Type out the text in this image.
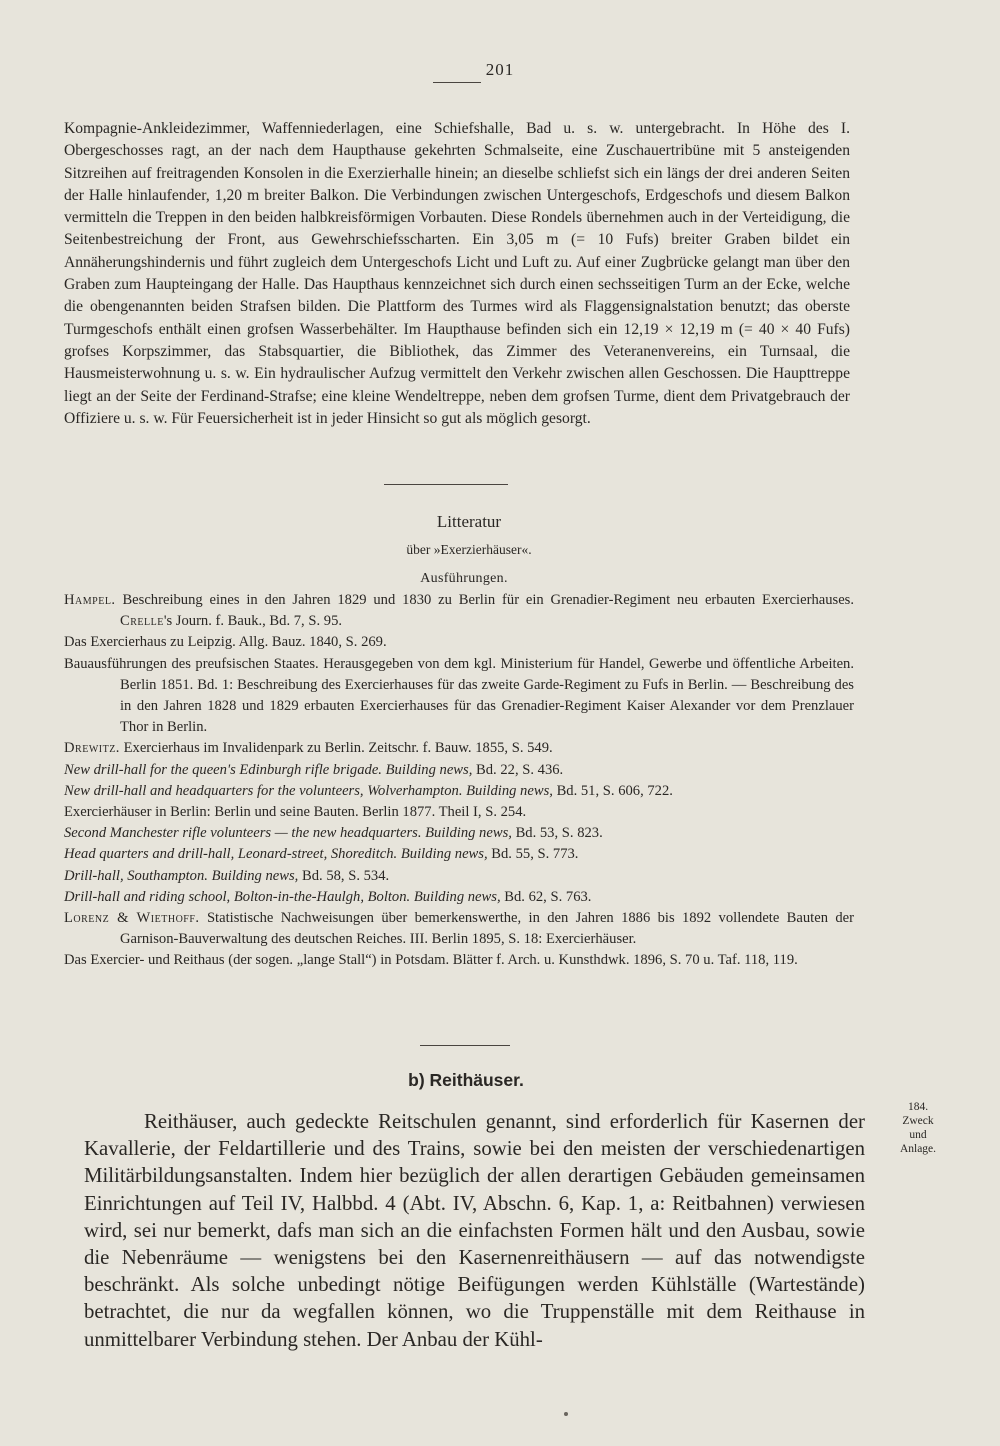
201

Kompagnie-Ankleidezimmer, Waffenniederlagen, eine Schiefshalle, Bad u. s. w. untergebracht. In Höhe des I. Obergeschosses ragt, an der nach dem Haupthause gekehrten Schmalseite, eine Zuschauertribüne mit 5 ansteigenden Sitzreihen auf freitragenden Konsolen in die Exerzierhalle hinein; an dieselbe schliefst sich ein längs der drei anderen Seiten der Halle hinlaufender, 1,20 m breiter Balkon. Die Verbindungen zwischen Untergeschofs, Erdgeschofs und diesem Balkon vermitteln die Treppen in den beiden halbkreisförmigen Vorbauten. Diese Rondels übernehmen auch in der Verteidigung, die Seitenbestreichung der Front, aus Gewehrschiefsscharten. Ein 3,05 m (= 10 Fufs) breiter Graben bildet ein Annäherungshindernis und führt zugleich dem Untergeschofs Licht und Luft zu. Auf einer Zugbrücke gelangt man über den Graben zum Haupteingang der Halle. Das Haupthaus kennzeichnet sich durch einen sechsseitigen Turm an der Ecke, welche die obengenannten beiden Strafsen bilden. Die Plattform des Turmes wird als Flaggensignalstation benutzt; das oberste Turmgeschofs enthält einen grofsen Wasserbehälter. Im Haupthause befinden sich ein 12,19 × 12,19 m (= 40 × 40 Fufs) grofses Korpszimmer, das Stabsquartier, die Bibliothek, das Zimmer des Veteranenvereins, ein Turnsaal, die Hausmeisterwohnung u. s. w. Ein hydraulischer Aufzug vermittelt den Verkehr zwischen allen Geschossen. Die Haupttreppe liegt an der Seite der Ferdinand-Strafse; eine kleine Wendeltreppe, neben dem grofsen Turme, dient dem Privatgebrauch der Offiziere u. s. w. Für Feuersicherheit ist in jeder Hinsicht so gut als möglich gesorgt.

Litteratur
über »Exerzierhäuser«.
Ausführungen.
Hampel. Beschreibung eines in den Jahren 1829 und 1830 zu Berlin für ein Grenadier-Regiment neu erbauten Exercierhauses. Crelle's Journ. f. Bauk., Bd. 7, S. 95.
Das Exercierhaus zu Leipzig. Allg. Bauz. 1840, S. 269.
Bauausführungen des preufsischen Staates. Herausgegeben von dem kgl. Ministerium für Handel, Gewerbe und öffentliche Arbeiten. Berlin 1851. Bd. 1: Beschreibung des Exercierhauses für das zweite Garde-Regiment zu Fufs in Berlin. — Beschreibung des in den Jahren 1828 und 1829 erbauten Exercierhauses für das Grenadier-Regiment Kaiser Alexander vor dem Prenzlauer Thor in Berlin.
Drewitz. Exercierhaus im Invalidenpark zu Berlin. Zeitschr. f. Bauw. 1855, S. 549.
New drill-hall for the queen's Edinburgh rifle brigade. Building news, Bd. 22, S. 436.
New drill-hall and headquarters for the volunteers, Wolverhampton. Building news, Bd. 51, S. 606, 722.
Exercierhäuser in Berlin: Berlin und seine Bauten. Berlin 1877. Theil I, S. 254.
Second Manchester rifle volunteers — the new headquarters. Building news, Bd. 53, S. 823.
Head quarters and drill-hall, Leonard-street, Shoreditch. Building news, Bd. 55, S. 773.
Drill-hall, Southampton. Building news, Bd. 58, S. 534.
Drill-hall and riding school, Bolton-in-the-Haulgh, Bolton. Building news, Bd. 62, S. 763.
Lorenz & Wiethoff. Statistische Nachweisungen über bemerkenswerthe, in den Jahren 1886 bis 1892 vollendete Bauten der Garnison-Bauverwaltung des deutschen Reiches. III. Berlin 1895, S. 18: Exercierhäuser.
Das Exercier- und Reithaus (der sogen. „lange Stall“) in Potsdam. Blätter f. Arch. u. Kunsthdwk. 1896, S. 70 u. Taf. 118, 119.
b) Reithäuser.

Reithäuser, auch gedeckte Reitschulen genannt, sind erforderlich für Kasernen der Kavallerie, der Feldartillerie und des Trains, sowie bei den meisten der verschiedenartigen Militärbildungsanstalten. Indem hier bezüglich der allen derartigen Gebäuden gemeinsamen Einrichtungen auf Teil IV, Halbbd. 4 (Abt. IV, Abschn. 6, Kap. 1, a: Reitbahnen) verwiesen wird, sei nur bemerkt, dafs man sich an die einfachsten Formen hält und den Ausbau, sowie die Nebenräume — wenigstens bei den Kasernenreithäusern — auf das notwendigste beschränkt. Als solche unbedingt nötige Beifügungen werden Kühlställe (Wartestände) betrachtet, die nur da wegfallen können, wo die Truppenställe mit dem Reithause in unmittelbarer Verbindung stehen. Der Anbau der Kühl-

184.
Zweck
und
Anlage.
